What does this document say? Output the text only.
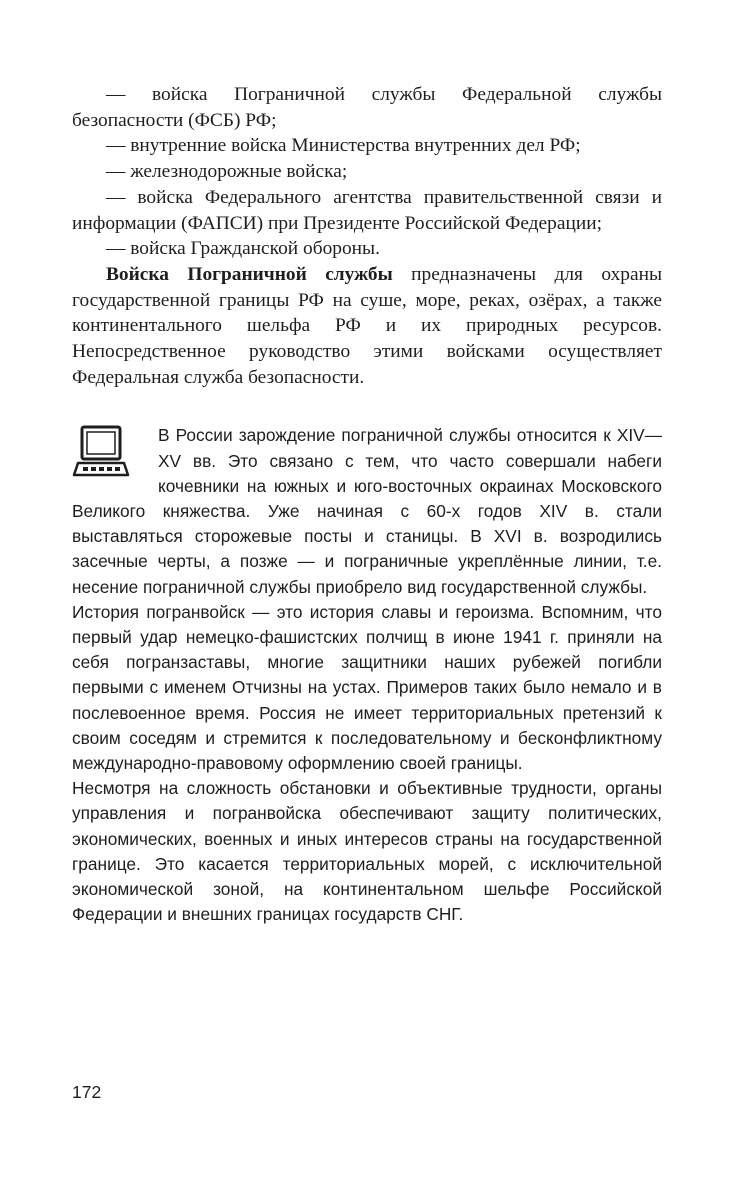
— войска Пограничной службы Федеральной службы безопасности (ФСБ) РФ;

— внутренние войска Министерства внутренних дел РФ;

— железнодорожные войска;

— войска Федерального агентства правительственной связи и информации (ФАПСИ) при Президенте Российской Федерации;

— войска Гражданской обороны.

Войска Пограничной службы предназначены для охраны государственной границы РФ на суше, море, реках, озёрах, а также континентального шельфа РФ и их природных ресурсов. Непосредственное руководство этими войсками осуществляет Федеральная служба безопасности.

В России зарождение пограничной службы относится к XIV—XV вв. Это связано с тем, что часто совершали набеги кочевники на южных и юго-восточных окраинах Московского Великого княжества. Уже начиная с 60-х годов XIV в. стали выставляться сторожевые посты и станицы. В XVI в. возродились засечные черты, а позже — и пограничные укреплённые линии, т.е. несение пограничной службы приобрело вид государственной службы.

История погранвойск — это история славы и героизма. Вспомним, что первый удар немецко-фашистских полчищ в июне 1941 г. приняли на себя погранзаставы, многие защитники наших рубежей погибли первыми с именем Отчизны на устах. Примеров таких было немало и в послевоенное время. Россия не имеет территориальных претензий к своим соседям и стремится к последовательному и бесконфликтному международно-правовому оформлению своей границы.

Несмотря на сложность обстановки и объективные трудности, органы управления и погранвойска обеспечивают защиту политических, экономических, военных и иных интересов страны на государственной границе. Это касается территориальных морей, с исключительной экономической зоной, на континентальном шельфе Российской Федерации и внешних границах государств СНГ.

172
